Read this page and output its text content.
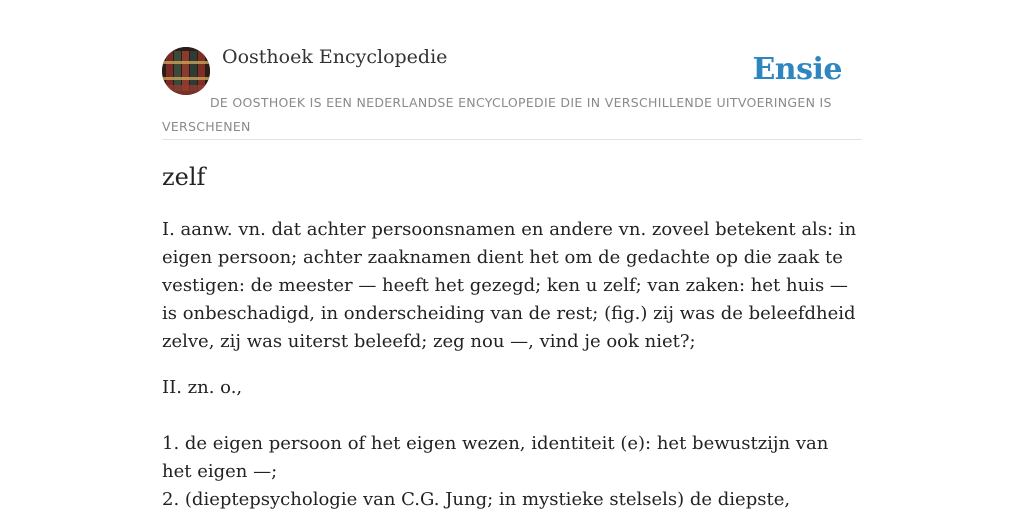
Oosthoek Encyclopedie	Ensie
DE OOSTHOEK IS EEN NEDERLANDSE ENCYCLOPEDIE DIE IN VERSCHILLENDE UITVOERINGEN IS VERSCHENEN
zelf

I. aanw. vn. dat achter persoonsnamen en andere vn. zoveel betekent als: in eigen persoon; achter zaaknamen dient het om de gedachte op die zaak te vestigen: de meester — heeft het gezegd; ken u zelf; van zaken: het huis — is onbeschadigd, in onderscheiding van de rest; (fig.) zij was de beleefdheid zelve, zij was uiterst beleefd; zeg nou —, vind je ook niet?;

II. zn. o.,

1. de eigen persoon of het eigen wezen, identiteit (e): het bewustzijn van het eigen —;

2. (dieptepsychologie van C.G. Jung; in mystieke stelsels) de diepste,
